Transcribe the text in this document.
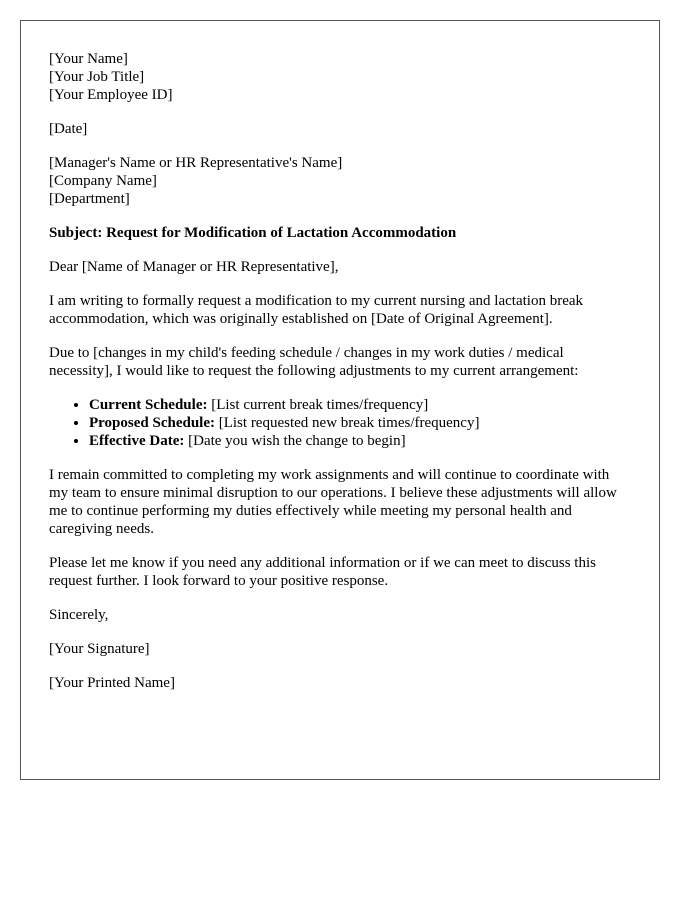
[Your Name]
[Your Job Title]
[Your Employee ID]

[Date]

[Manager's Name or HR Representative's Name]
[Company Name]
[Department]

Subject: Request for Modification of Lactation Accommodation

Dear [Name of Manager or HR Representative],

I am writing to formally request a modification to my current nursing and lactation break accommodation, which was originally established on [Date of Original Agreement].

Due to [changes in my child's feeding schedule / changes in my work duties / medical necessity], I would like to request the following adjustments to my current arrangement:

• Current Schedule: [List current break times/frequency]
• Proposed Schedule: [List requested new break times/frequency]
• Effective Date: [Date you wish the change to begin]

I remain committed to completing my work assignments and will continue to coordinate with my team to ensure minimal disruption to our operations. I believe these adjustments will allow me to continue performing my duties effectively while meeting my personal health and caregiving needs.

Please let me know if you need any additional information or if we can meet to discuss this request further. I look forward to your positive response.

Sincerely,

[Your Signature]

[Your Printed Name]
